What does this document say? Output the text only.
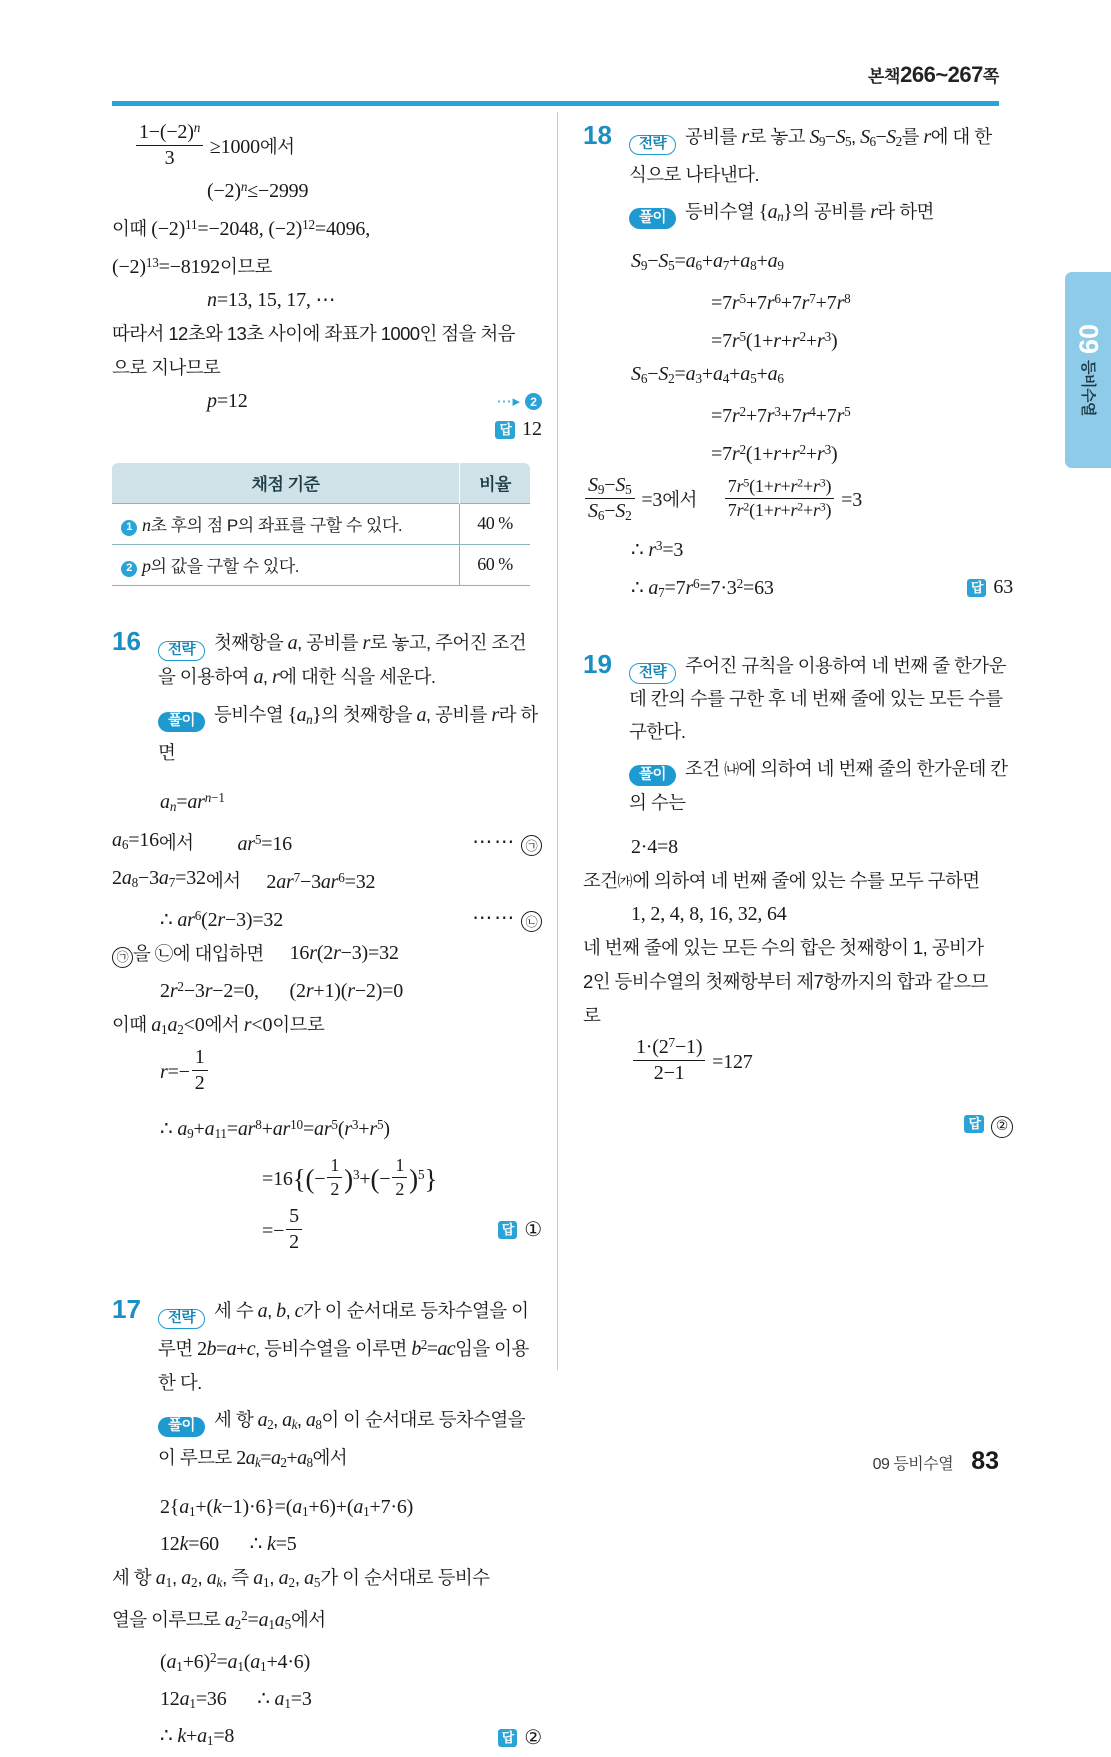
본책266~267쪽
09
등비수열
$\frac{1-(-2)^n}{3} \ge 1000$에서
$(-2)^n\le-2999$
이때 $(-2)^{11}=-2048$, $(-2)^{12}=4096$,
$(-2)^{13}=-8192$이므로
n=13, 15, 17, ⋯
따라서 12초와 13초 사이에 좌표가 1000인 점을 처음
으로 지나므로
p=12	⋯▸ 2
답 12
채점 기준	비율
1 n초 후의 점 P의 좌표를 구할 수 있다.	40 %
2 p의 값을 구할 수 있다.	60 %
16	전략 첫째항을 a, 공비를 r로 놓고, 주어진 조건을 이용하여 a, r에 대한 식을 세운다.
풀이 등비수열 $\{a_n\}$의 첫째항을 a, 공비를 r라 하면
$a_n=ar^{n-1}$
$a_6=16$ 에서 $ar^5=16$	⋯⋯ ㉠
$2a_8-3a_7=32$ 에서 $2ar^7-3ar^6=32$
∴ $ar^6(2r-3)=32$	⋯⋯ ㉡
㉠ 을 ㉡에 대입하면 16r(2r−3)=32
$2r^2-3r-2=0$, (2r+1)(r−2)=0
이때 $a_1a_2<0$에서 r<0이므로
$r=- \frac{1}{2}$
∴ $a_9+a_{11}=ar^8+ar^{10}=ar^5(r^3+r^5)$
$=16\{(- \frac{1}{2} )^3+(- \frac{1}{2} )^5\}$
=− $\frac{5}{2}$	답 ①
17	전략 세 수 a, b, c가 이 순서대로 등차수열을 이 루면 2b=a+c, 등비수열을 이루면 $b^2=ac$임을 이용한 다.
풀이 세 항 $a_2$, $a_k$, $a_8$이 이 순서대로 등차수열을 이 루므로 $2a_k=a_2+a_8$에서
$2\{a_1+(k-1)\cdot 6\}=(a_1+6)+(a_1+7\cdot 6)$
12k=60 ∴ k=5
세 항 $a_1$, $a_2$, $a_k$, 즉 $a_1$, $a_2$, $a_5$가 이 순서대로 등비수
열을 이루므로 $a_2^2=a_1a_5$에서
$(a_1+6)^2=a_1(a_1+4\cdot 6)$
$12a_1=36$ ∴ $a_1=3$
∴ $k+a_1=8$	답 ②
18	전략 공비를 r로 놓고 $S_9-S_5$, $S_6-S_2$를 r에 대 한 식으로 나타낸다.
풀이 등비수열 $\{a_n\}$의 공비를 r라 하면
$S_9-S_5=a_6+a_7+a_8+a_9$
$=7r^5+7r^6+7r^7+7r^8$
$=7r^5(1+r+r^2+r^3)$
$S_6-S_2=a_3+a_4+a_5+a_6$
$=7r^2+7r^3+7r^4+7r^5$
$=7r^2(1+r+r^2+r^3)$
$\frac{S_9-S_5}{S_6-S_2} =3$ 에서 $\frac{7r^5(1+r+r^2+r^3)}{7r^2(1+r+r^2+r^3)} =3$
∴ $r^3=3$
∴ $a_7=7r^6=7\cdot 3^2=63$	답 63
19	전략 주어진 규칙을 이용하여 네 번째 줄 한가운 데 칸의 수를 구한 후 네 번째 줄에 있는 모든 수를 구한다.
풀이 조건 ㈏에 의하여 네 번째 줄의 한가운데 칸의 수는
2·4=8
조건㈎에 의하여 네 번째 줄에 있는 수를 모두 구하면
1, 2, 4, 8, 16, 32, 64
네 번째 줄에 있는 모든 수의 합은 첫째항이 1, 공비가
2인 등비수열의 첫째항부터 제7항까지의 합과 같으므
로
$\frac{1\cdot(2^7-1)}{2-1} =127$
답	②
09 등비수열 83
